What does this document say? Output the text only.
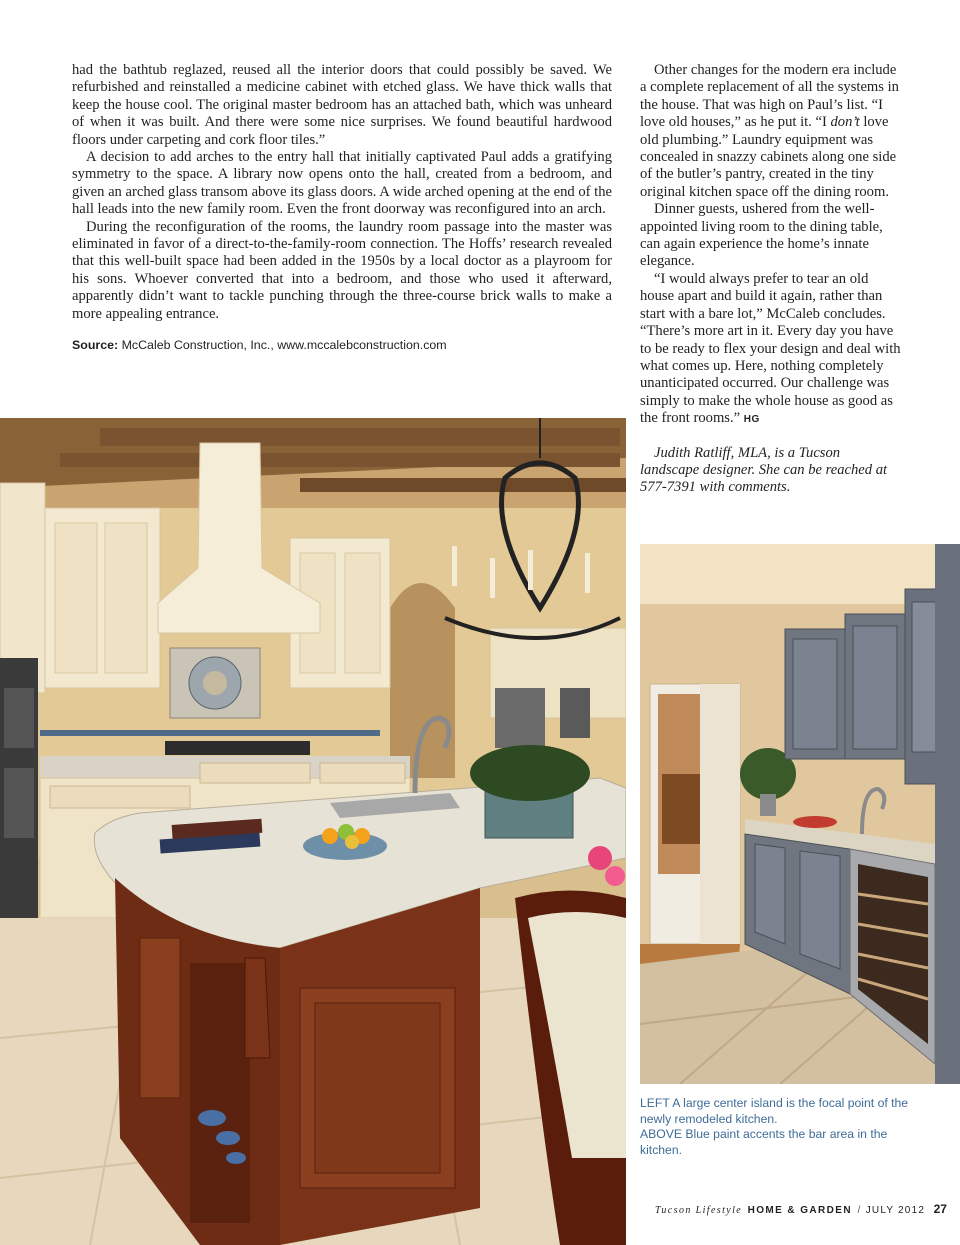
had the bathtub reglazed, reused all the interior doors that could possibly be saved. We refurbished and reinstalled a medicine cabinet with etched glass. We have thick walls that keep the house cool. The original master bedroom has an attached bath, which was unheard of when it was built. And there were some nice surprises. We found beautiful hardwood floors under carpeting and cork floor tiles.”

A decision to add arches to the entry hall that initially captivated Paul adds a gratifying symmetry to the space. A library now opens onto the hall, created from a bedroom, and given an arched glass transom above its glass doors. A wide arched opening at the end of the hall leads into the new family room. Even the front doorway was reconfigured into an arch.

During the reconfiguration of the rooms, the laundry room passage into the master was eliminated in favor of a direct-to-the-family-room connection. The Hoffs’ research revealed that this well-built space had been added in the 1950s by a local doctor as a playroom for his sons. Whoever converted that into a bedroom, and those who used it afterward, apparently didn’t want to tackle punching through the three-course brick walls to make a more appealing entrance.

Source: McCaleb Construction, Inc., www.mccalebconstruction.com

Other changes for the modern era include a complete replacement of all the systems in the house. That was high on Paul’s list. “I love old houses,” as he put it. “I don’t love old plumbing.” Laundry equipment was concealed in snazzy cabinets along one side of the butler’s pantry, created in the tiny original kitchen space off the dining room.

Dinner guests, ushered from the well-appointed living room to the dining table, can again experience the home’s innate elegance.

“I would always prefer to tear an old house apart and build it again, rather than start with a bare lot,” McCaleb concludes. “There’s more art in it. Every day you have to be ready to flex your design and deal with what comes up. Here, nothing completely unanticipated occurred. Our challenge was simply to make the whole house as good as the front rooms.” HG

Judith Ratliff, MLA, is a Tucson landscape designer. She can be reached at 577-7391 with comments.

LEFT A large center island is the focal point of the newly remodeled kitchen.

ABOVE Blue paint accents the bar area in the kitchen.

Tucson Lifestyle HOME & GARDEN / JULY 2012 27
